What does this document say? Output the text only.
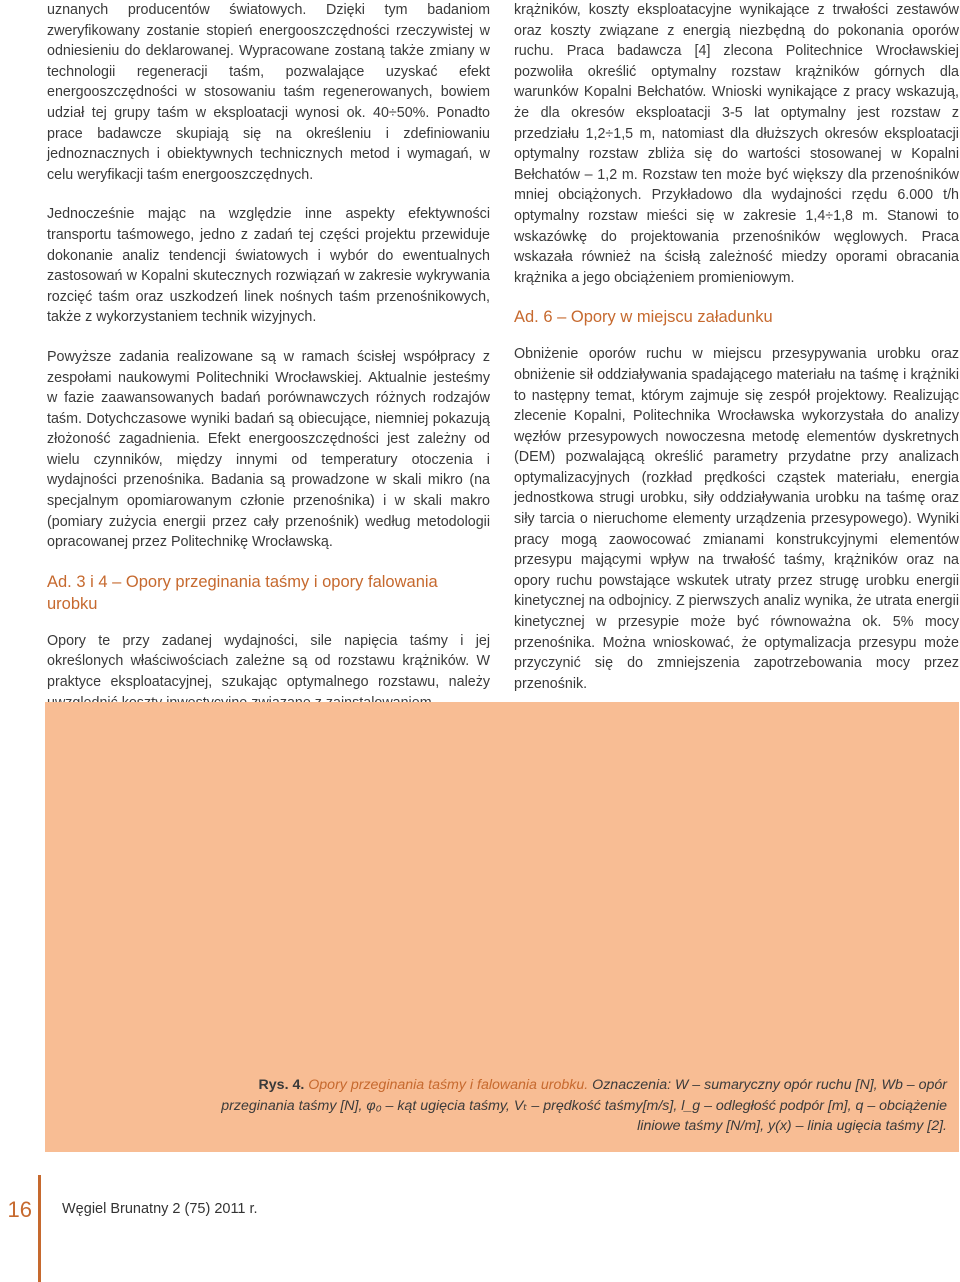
uznanych producentów światowych. Dzięki tym badaniom zweryfikowany zostanie stopień energooszczędności rzeczywistej w odniesieniu do deklarowanej. Wypracowane zostaną także zmiany w technologii regeneracji taśm, pozwalające uzyskać efekt energooszczędności w stosowaniu taśm regenerowanych, bowiem udział tej grupy taśm w eksploatacji wynosi ok. 40÷50%. Ponadto prace badawcze skupiają się na określeniu i zdefiniowaniu jednoznacznych i obiektywnych technicznych metod i wymagań, w celu weryfikacji taśm energooszczędnych.

Jednocześnie mając na względzie inne aspekty efektywności transportu taśmowego, jedno z zadań tej części projektu przewiduje dokonanie analiz tendencji światowych i wybór do ewentualnych zastosowań w Kopalni skutecznych rozwiązań w zakresie wykrywania rozcięć taśm oraz uszkodzeń linek nośnych taśm przenośnikowych, także z wykorzystaniem technik wizyjnych.

Powyższe zadania realizowane są w ramach ścisłej współpracy z zespołami naukowymi Politechniki Wrocławskiej. Aktualnie jesteśmy w fazie zaawansowanych badań porównawczych różnych rodzajów taśm. Dotychczasowe wyniki badań są obiecujące, niemniej pokazują złożoność zagadnienia. Efekt energooszczędności jest zależny od wielu czynników, między innymi od temperatury otoczenia i wydajności przenośnika. Badania są prowadzone w skali mikro (na specjalnym opomiarowanym członie przenośnika) i w skali makro (pomiary zużycia energii przez cały przenośnik) według metodologii opracowanej przez Politechnikę Wrocławską.

Ad. 3 i 4 – Opory przeginania taśmy i opory falowania urobku

Opory te przy zadanej wydajności, sile napięcia taśmy i jej określonych właściwościach zależne są od rozstawu krążników. W praktyce eksploatacyjnej, szukając optymalnego rozstawu, należy

krążników, koszty eksploatacyjne wynikające z trwałości zestawów oraz koszty związane z energią niezbędną do pokonania oporów ruchu. Praca badawcza [4] zlecona Politechnice Wrocławskiej pozwoliła określić optymalny rozstaw krążników górnych dla warunków Kopalni Bełchatów. Wnioski wynikające z pracy wskazują, że dla okresów eksploatacji 3-5 lat optymalny jest rozstaw z przedziału 1,2÷1,5 m, natomiast dla dłuższych okresów eksploatacji optymalny rozstaw zbliża się do wartości stosowanej w Kopalni Bełchatów – 1,2 m. Rozstaw ten może być większy dla przenośników mniej obciążonych. Przykładowo dla wydajności rzędu 6.000 t/h optymalny rozstaw mieści się w zakresie 1,4÷1,8 m. Stanowi to wskazówkę do projektowania przenośników węglowych. Praca wskazała również na ścisłą zależność miedzy oporami obracania krążnika a jego obciążeniem promieniowym.

Ad. 6 – Opory w miejscu załadunku

Obniżenie oporów ruchu w miejscu przesypywania urobku oraz obniżenie sił oddziaływania spadającego materiału na taśmę i krążniki to następny temat, którym zajmuje się zespół projektowy. Realizując zlecenie Kopalni, Politechnika Wrocławska wykorzystała do analizy węzłów przesypowych nowoczesna metodę elementów dyskretnych (DEM) pozwalającą określić parametry przydatne przy analizach optymalizacyjnych (rozkład prędkości cząstek materiału, energia jednostkowa strugi urobku, siły oddziaływania urobku na taśmę oraz siły tarcia o nieruchome elementy urządzenia przesypowego). Wyniki pracy mogą zaowocować zmianami konstrukcyjnymi elementów przesypu mającymi wpływ na trwałość taśmy, krążników oraz na opory ruchu powstające wskutek utraty przez strugę urobku energii kinetycznej na odbojnicy. Z pierwszych analiz wynika, że utrata energii kinetycznej w przesypie może być równoważna ok. 5% mocy przenośnika. Można wnioskować, że optymalizacja przesypu może przyczynić się do zmniejszenia zapotrzebowania mocy przez przenośnik.

Rys. 4. Opory przeginania taśmy i falowania urobku. Oznaczenia: W – sumaryczny opór ruchu [N], Wb – opór przeginania taśmy [N], φ₀ – kąt ugięcia taśmy, Vₜ – prędkość taśmy[m/s], l_g – odległość podpór [m], q – obciążenie liniowe taśmy [N/m], y(x) – linia ugięcia taśmy [2].
16 Węgiel Brunatny 2 (75) 2011 r.
